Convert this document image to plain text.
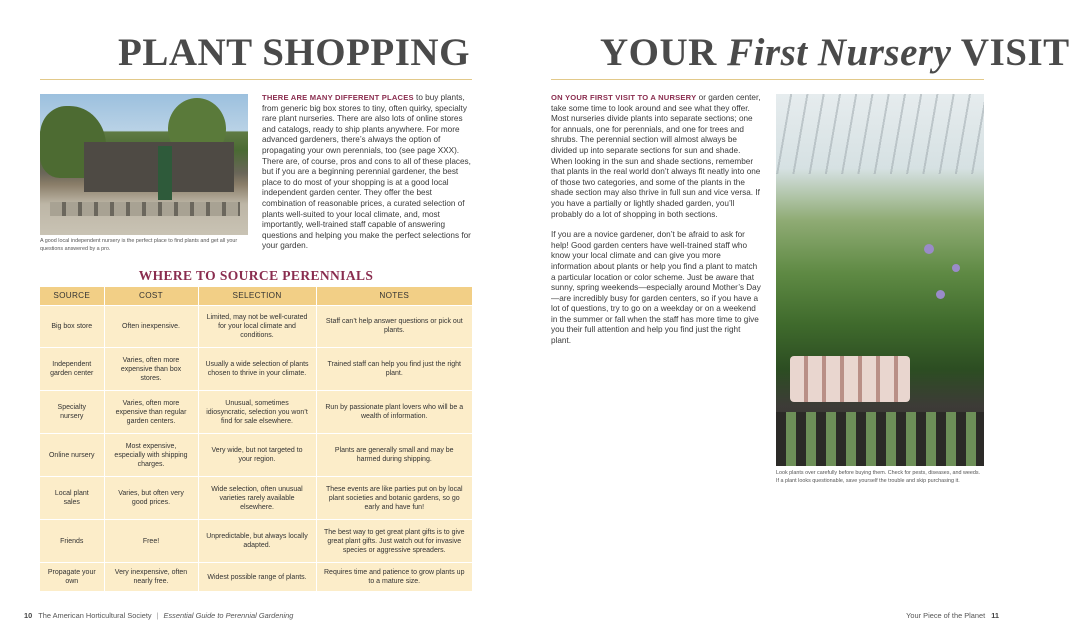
PLANT SHOPPING

A good local independent nursery is the perfect place to find plants and get all your questions answered by a pro.

THERE ARE MANY DIFFERENT PLACES to buy plants, from generic big box stores to tiny, often quirky, specialty rare plant nurseries. There are also lots of online stores and catalogs, ready to ship plants anywhere. For more advanced gardeners, there’s always the option of propagating your own perennials, too (see page XXX). There are, of course, pros and cons to all of these places, but if you are a beginning perennial gardener, the best place to do most of your shopping is at a good local independent garden center. They offer the best combination of reasonable prices, a curated selection of plants well-suited to your local climate, and, most importantly, well-trained staff capable of answering questions and helping you make the perfect selections for your garden.

WHERE TO SOURCE PERENNIALS
SOURCE	COST	SELECTION	NOTES
Big box store	Often inexpensive.	Limited, may not be well-curated for your local climate and conditions.	Staff can’t help answer questions or pick out plants.
Independent garden center	Varies, often more expensive than box stores.	Usually a wide selection of plants chosen to thrive in your climate.	Trained staff can help you find just the right plant.
Specialty nursery	Varies, often more expensive than regular garden centers.	Unusual, sometimes idiosyncratic, selection you won’t find for sale elsewhere.	Run by passionate plant lovers who will be a wealth of information.
Online nursery	Most expensive, especially with shipping charges.	Very wide, but not targeted to your region.	Plants are generally small and may be harmed during shipping.
Local plant sales	Varies, but often very good prices.	Wide selection, often unusual varieties rarely available elsewhere.	These events are like parties put on by local plant societies and botanic gardens, so go early and have fun!
Friends	Free!	Unpredictable, but always locally adapted.	The best way to get great plant gifts is to give great plant gifts. Just watch out for invasive species or aggressive spreaders.
Propagate your own	Very inexpensive, often nearly free.	Widest possible range of plants.	Requires time and patience to grow plants up to a mature size.
10 The American Horticultural Society | Essential Guide to Perennial Gardening
YOUR First Nursery VISIT

ON YOUR FIRST VISIT TO A NURSERY or garden center, take some time to look around and see what they offer. Most nurseries divide plants into separate sections; one for annuals, one for perennials, and one for trees and shrubs. The perennial section will almost always be divided up into separate sections for sun and shade. When looking in the sun and shade sections, remember that plants in the real world don’t always fit neatly into one of those two categories, and some of the plants in the shade section may also thrive in full sun and vice versa. If you have a partially or lightly shaded garden, you’ll probably do a lot of shopping in both sections.

If you are a novice gardener, don’t be afraid to ask for help! Good garden centers have well-trained staff who know your local climate and can give you more information about plants or help you find a plant to match a particular location or color scheme. Just be aware that sunny, spring weekends—especially around Mother’s Day—are incredibly busy for garden centers, so if you have a lot of questions, try to go on a weekday or on a weekend in the summer or fall when the staff has more time to give you their full attention and help you find just the right plant.

Look plants over carefully before buying them. Check for pests, diseases, and weeds. If a plant looks questionable, save yourself the trouble and skip purchasing it.

Your Piece of the Planet 11
